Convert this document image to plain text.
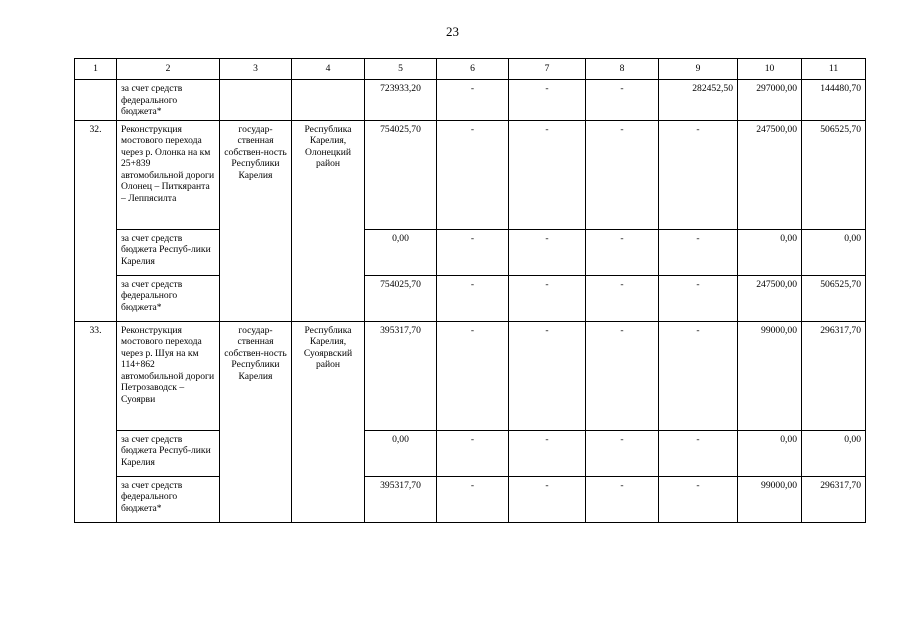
23
1	2	3	4	5	6	7	8	9	10	11
	за счет средств федерального бюджета*			723933,20	-	-	-	282452,50	297000,00	144480,70
32.	Реконструкция мостового перехода через р. Олонка на км 25+839 автомобильной дороги Олонец – Питкяранта – Леппясилта	государ-ственная собствен-ность Республики Карелия	Республика Карелия, Олонецкий район	754025,70	-	-	-	-	247500,00	506525,70
	за счет средств бюджета Респуб-лики Карелия			0,00	-	-	-	-	0,00	0,00
	за счет средств федерального бюджета*			754025,70	-	-	-	-	247500,00	506525,70
33.	Реконструкция мостового перехода через р. Шуя на км 114+862 автомобильной дороги Петрозаводск – Суоярви	государ-ственная собствен-ность Республики Карелия	Республика Карелия, Суоярвский район	395317,70	-	-	-	-	99000,00	296317,70
	за счет средств бюджета Респуб-лики Карелия			0,00	-	-	-	-	0,00	0,00
	за счет средств федерального бюджета*			395317,70	-	-	-	-	99000,00	296317,70
